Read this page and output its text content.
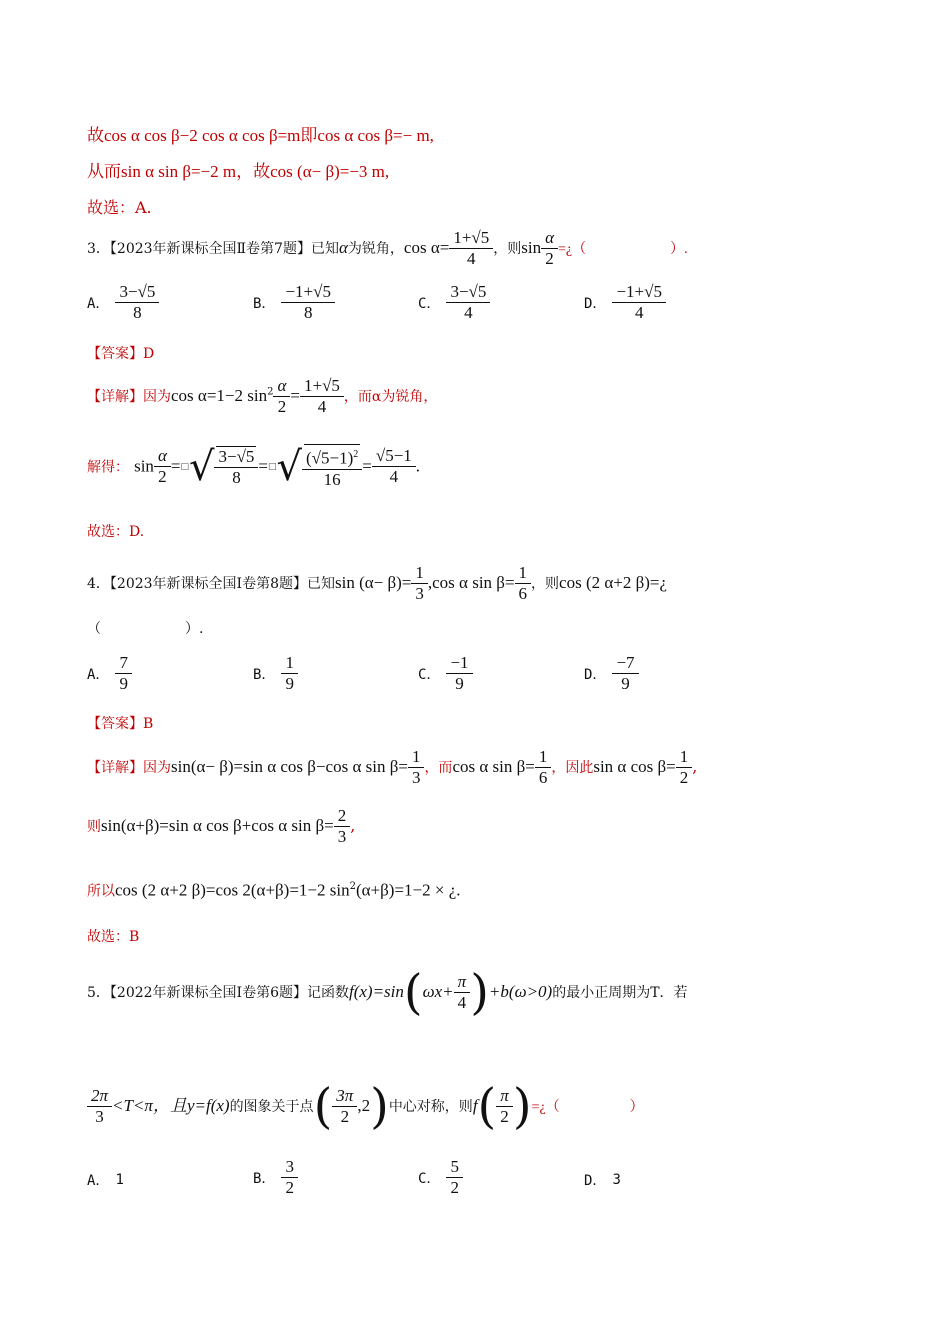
故cos α cos β−2 cos α cos β=m即cos α cos β=− m,
从而sin α sin β=−2 m，故cos (α− β)=−3 m,
故选：A.
3．【2023年新课标全国Ⅱ卷第7题】已知α为锐角，$\cos \alpha= \frac{1+√5}{4}$ ，则$\sin \frac{\alpha}{2}$ =¿（　　　　　　）.
A． $\frac{3-√5}{8}$	B． $\frac{-1+√5}{8}$	C． $\frac{3-√5}{4}$	D． $\frac{-1+√5}{4}$
【答案】D
【详解】因为cos α=1−2 $\sin^2 \frac{\alpha}{2} = \frac{1+√5}{4}$ ，而α为锐角，
解得： $\sin \frac{\alpha}{2}$ = □ √ $\frac{3-√5}{8}$ = □ √ $\frac{(√5-1)^2}{16} = \frac{√5-1}{4}$ .
故选：D.
4．【2023年新课标全国Ⅰ卷第8题】已知$\sin (\alpha- \beta)= \frac{1}{3} ,\cos$ α $\sin \beta= \frac{1}{6}$ ，则cos (2 α+2 β)=¿
（　　　　　　）.
A． $\frac{7}{9}$	B． $\frac{1}{9}$	C． $\frac{-1}{9}$	D． $\frac{-7}{9}$
【答案】B
【详解】因为sin(α− β)=sin α cos β−cos α $\sin \beta= \frac{1}{3}$ ，而cos α $\sin \beta= \frac{1}{6}$ ，因此sin α $\cos \beta= \frac{1}{2}$ ,
则sin(α+β)=sin α cos β+cos α $\sin \beta= \frac{2}{3}$ ,
所以cos (2 α+2 β)=cos 2(α+β)=1−2 $\sin^2(\alpha+\beta)=1-2$ × ¿.
故选：B
5．【2022年新课标全国Ⅰ卷第6题】记函数$f(x)=\sin(\omega x+ \frac{\pi}{4} )+b(\omega>0)$的最小正周期为T．若
$\frac{2\pi}{3} <T<\pi$，且y=f(x)的图象关于点( $\frac{3\pi}{2} ,2$)中心对称，则$f( \frac{\pi}{2}$ )=¿（　　　　　）
A． 1	B． $\frac{3}{2}$	C． $\frac{5}{2}$	D． 3
